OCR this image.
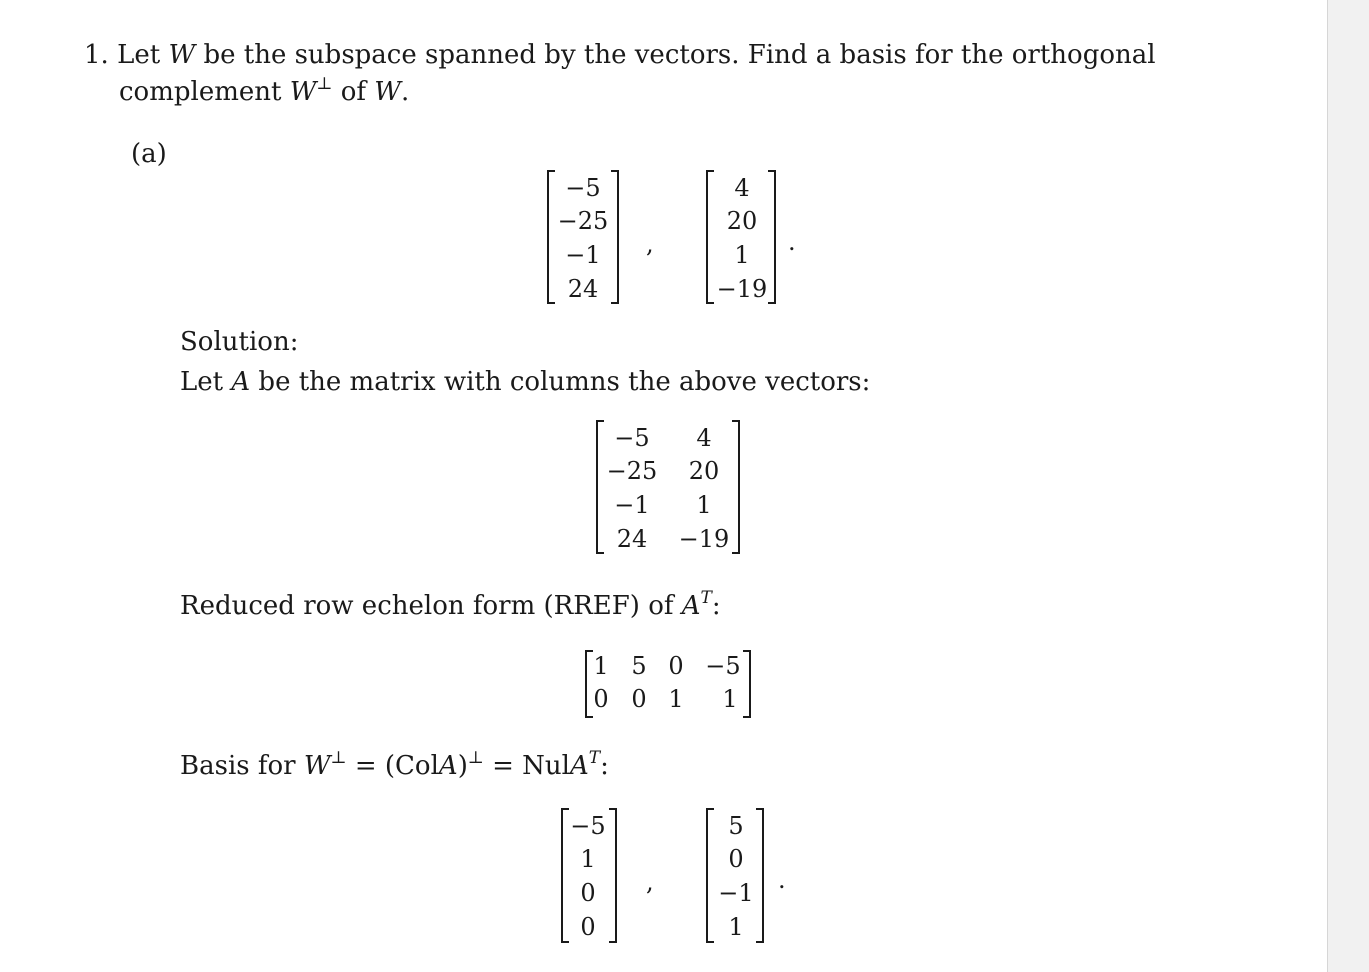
1. Let W be the subspace spanned by the vectors. Find a basis for the orthogonal
complement W⊥ of W.
(a)
−5
−25
−1
24
,
4
20
1
−19
.
Solution:
Let A be the matrix with columns the above vectors:
−5 4
−25 20
−1 1
24 −19
Reduced row echelon form (RREF) of $A^T$:
1 5 0 −5
0 0 1 1
Basis for W⊥ = (ColA)⊥ = NulA$^T$:
−5
1
0
0
,
5
0
−1
1
.
